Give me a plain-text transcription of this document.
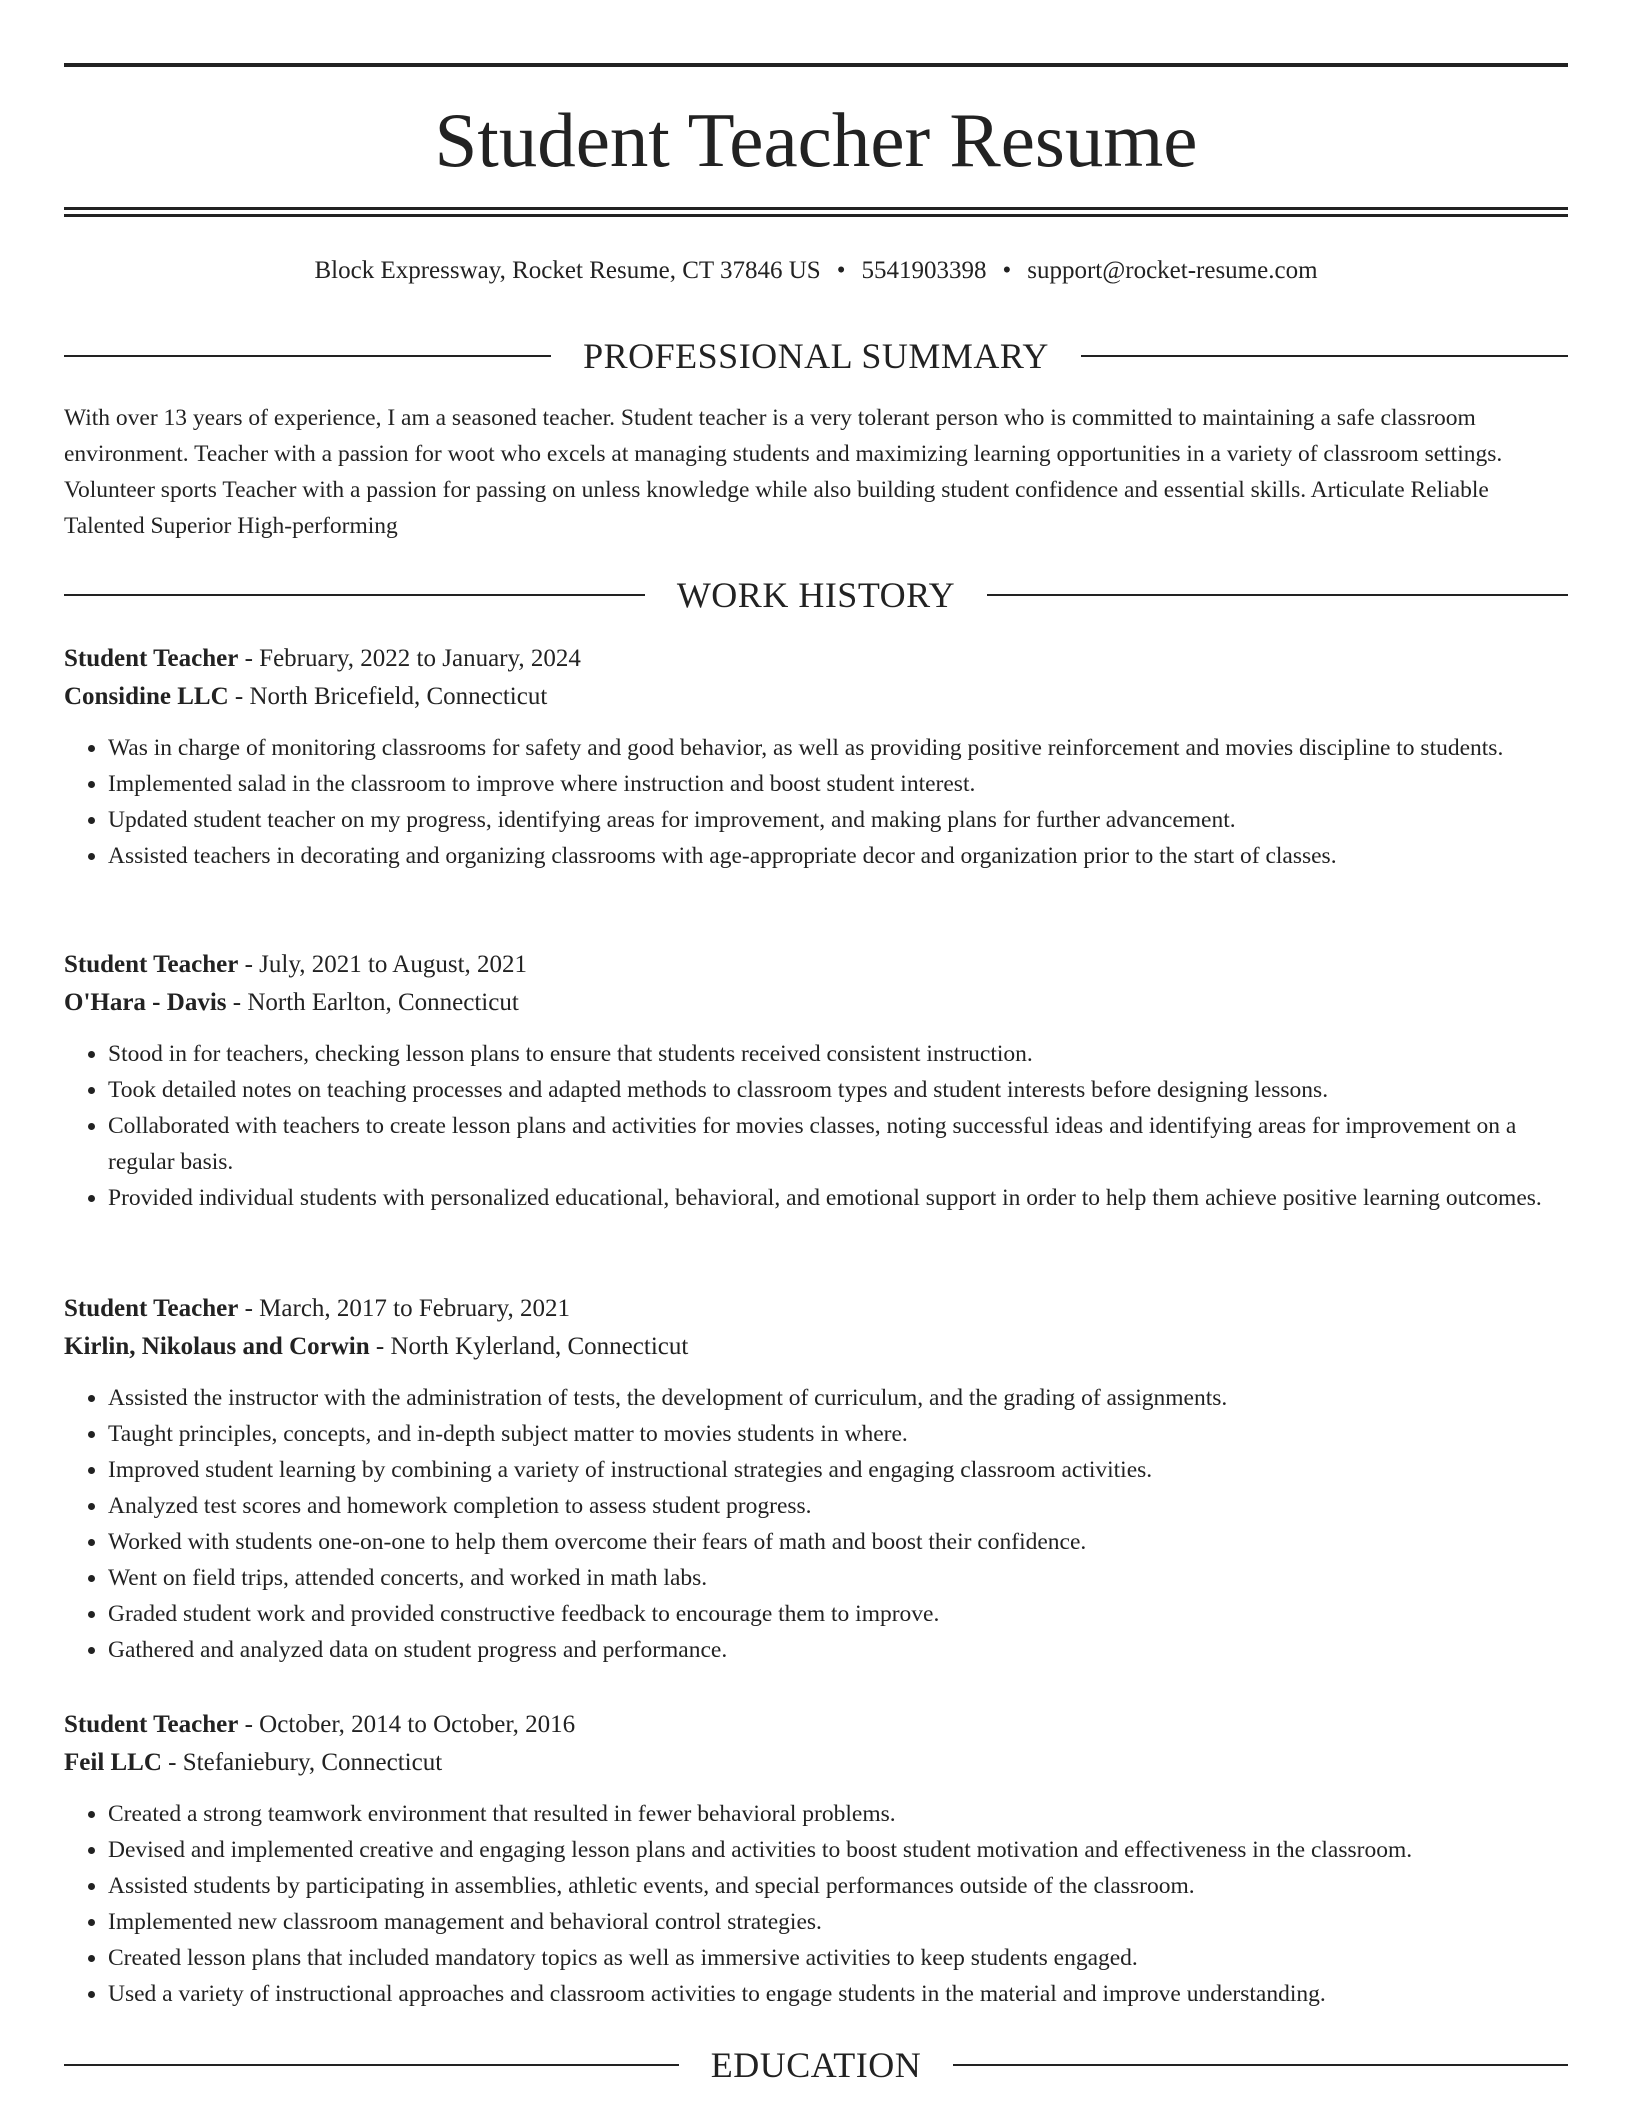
Student Teacher Resume
Block Expressway, Rocket Resume, CT 37846 US • 5541903398 • support@rocket-resume.com
PROFESSIONAL SUMMARY

With over 13 years of experience, I am a seasoned teacher. Student teacher is a very tolerant person who is committed to maintaining a safe classroom environment. Teacher with a passion for woot who excels at managing students and maximizing learning opportunities in a variety of classroom settings. Volunteer sports Teacher with a passion for passing on unless knowledge while also building student confidence and essential skills. Articulate Reliable Talented Superior High-performing

WORK HISTORY

Student Teacher - February, 2022 to January, 2024

Considine LLC - North Bricefield, Connecticut

• Was in charge of monitoring classrooms for safety and good behavior, as well as providing positive reinforcement and movies discipline to students.
• Implemented salad in the classroom to improve where instruction and boost student interest.
• Updated student teacher on my progress, identifying areas for improvement, and making plans for further advancement.
• Assisted teachers in decorating and organizing classrooms with age-appropriate decor and organization prior to the start of classes.

Student Teacher - July, 2021 to August, 2021

O'Hara - Davis - North Earlton, Connecticut

• Stood in for teachers, checking lesson plans to ensure that students received consistent instruction.
• Took detailed notes on teaching processes and adapted methods to classroom types and student interests before designing lessons.
• Collaborated with teachers to create lesson plans and activities for movies classes, noting successful ideas and identifying areas for improvement on a regular basis.
• Provided individual students with personalized educational, behavioral, and emotional support in order to help them achieve positive learning outcomes.

Student Teacher - March, 2017 to February, 2021

Kirlin, Nikolaus and Corwin - North Kylerland, Connecticut

• Assisted the instructor with the administration of tests, the development of curriculum, and the grading of assignments.
• Taught principles, concepts, and in-depth subject matter to movies students in where.
• Improved student learning by combining a variety of instructional strategies and engaging classroom activities.
• Analyzed test scores and homework completion to assess student progress.
• Worked with students one-on-one to help them overcome their fears of math and boost their confidence.
• Went on field trips, attended concerts, and worked in math labs.
• Graded student work and provided constructive feedback to encourage them to improve.
• Gathered and analyzed data on student progress and performance.

Student Teacher - October, 2014 to October, 2016

Feil LLC - Stefaniebury, Connecticut

• Created a strong teamwork environment that resulted in fewer behavioral problems.
• Devised and implemented creative and engaging lesson plans and activities to boost student motivation and effectiveness in the classroom.
• Assisted students by participating in assemblies, athletic events, and special performances outside of the classroom.
• Implemented new classroom management and behavioral control strategies.
• Created lesson plans that included mandatory topics as well as immersive activities to keep students engaged.
• Used a variety of instructional approaches and classroom activities to engage students in the material and improve understanding.
EDUCATION
